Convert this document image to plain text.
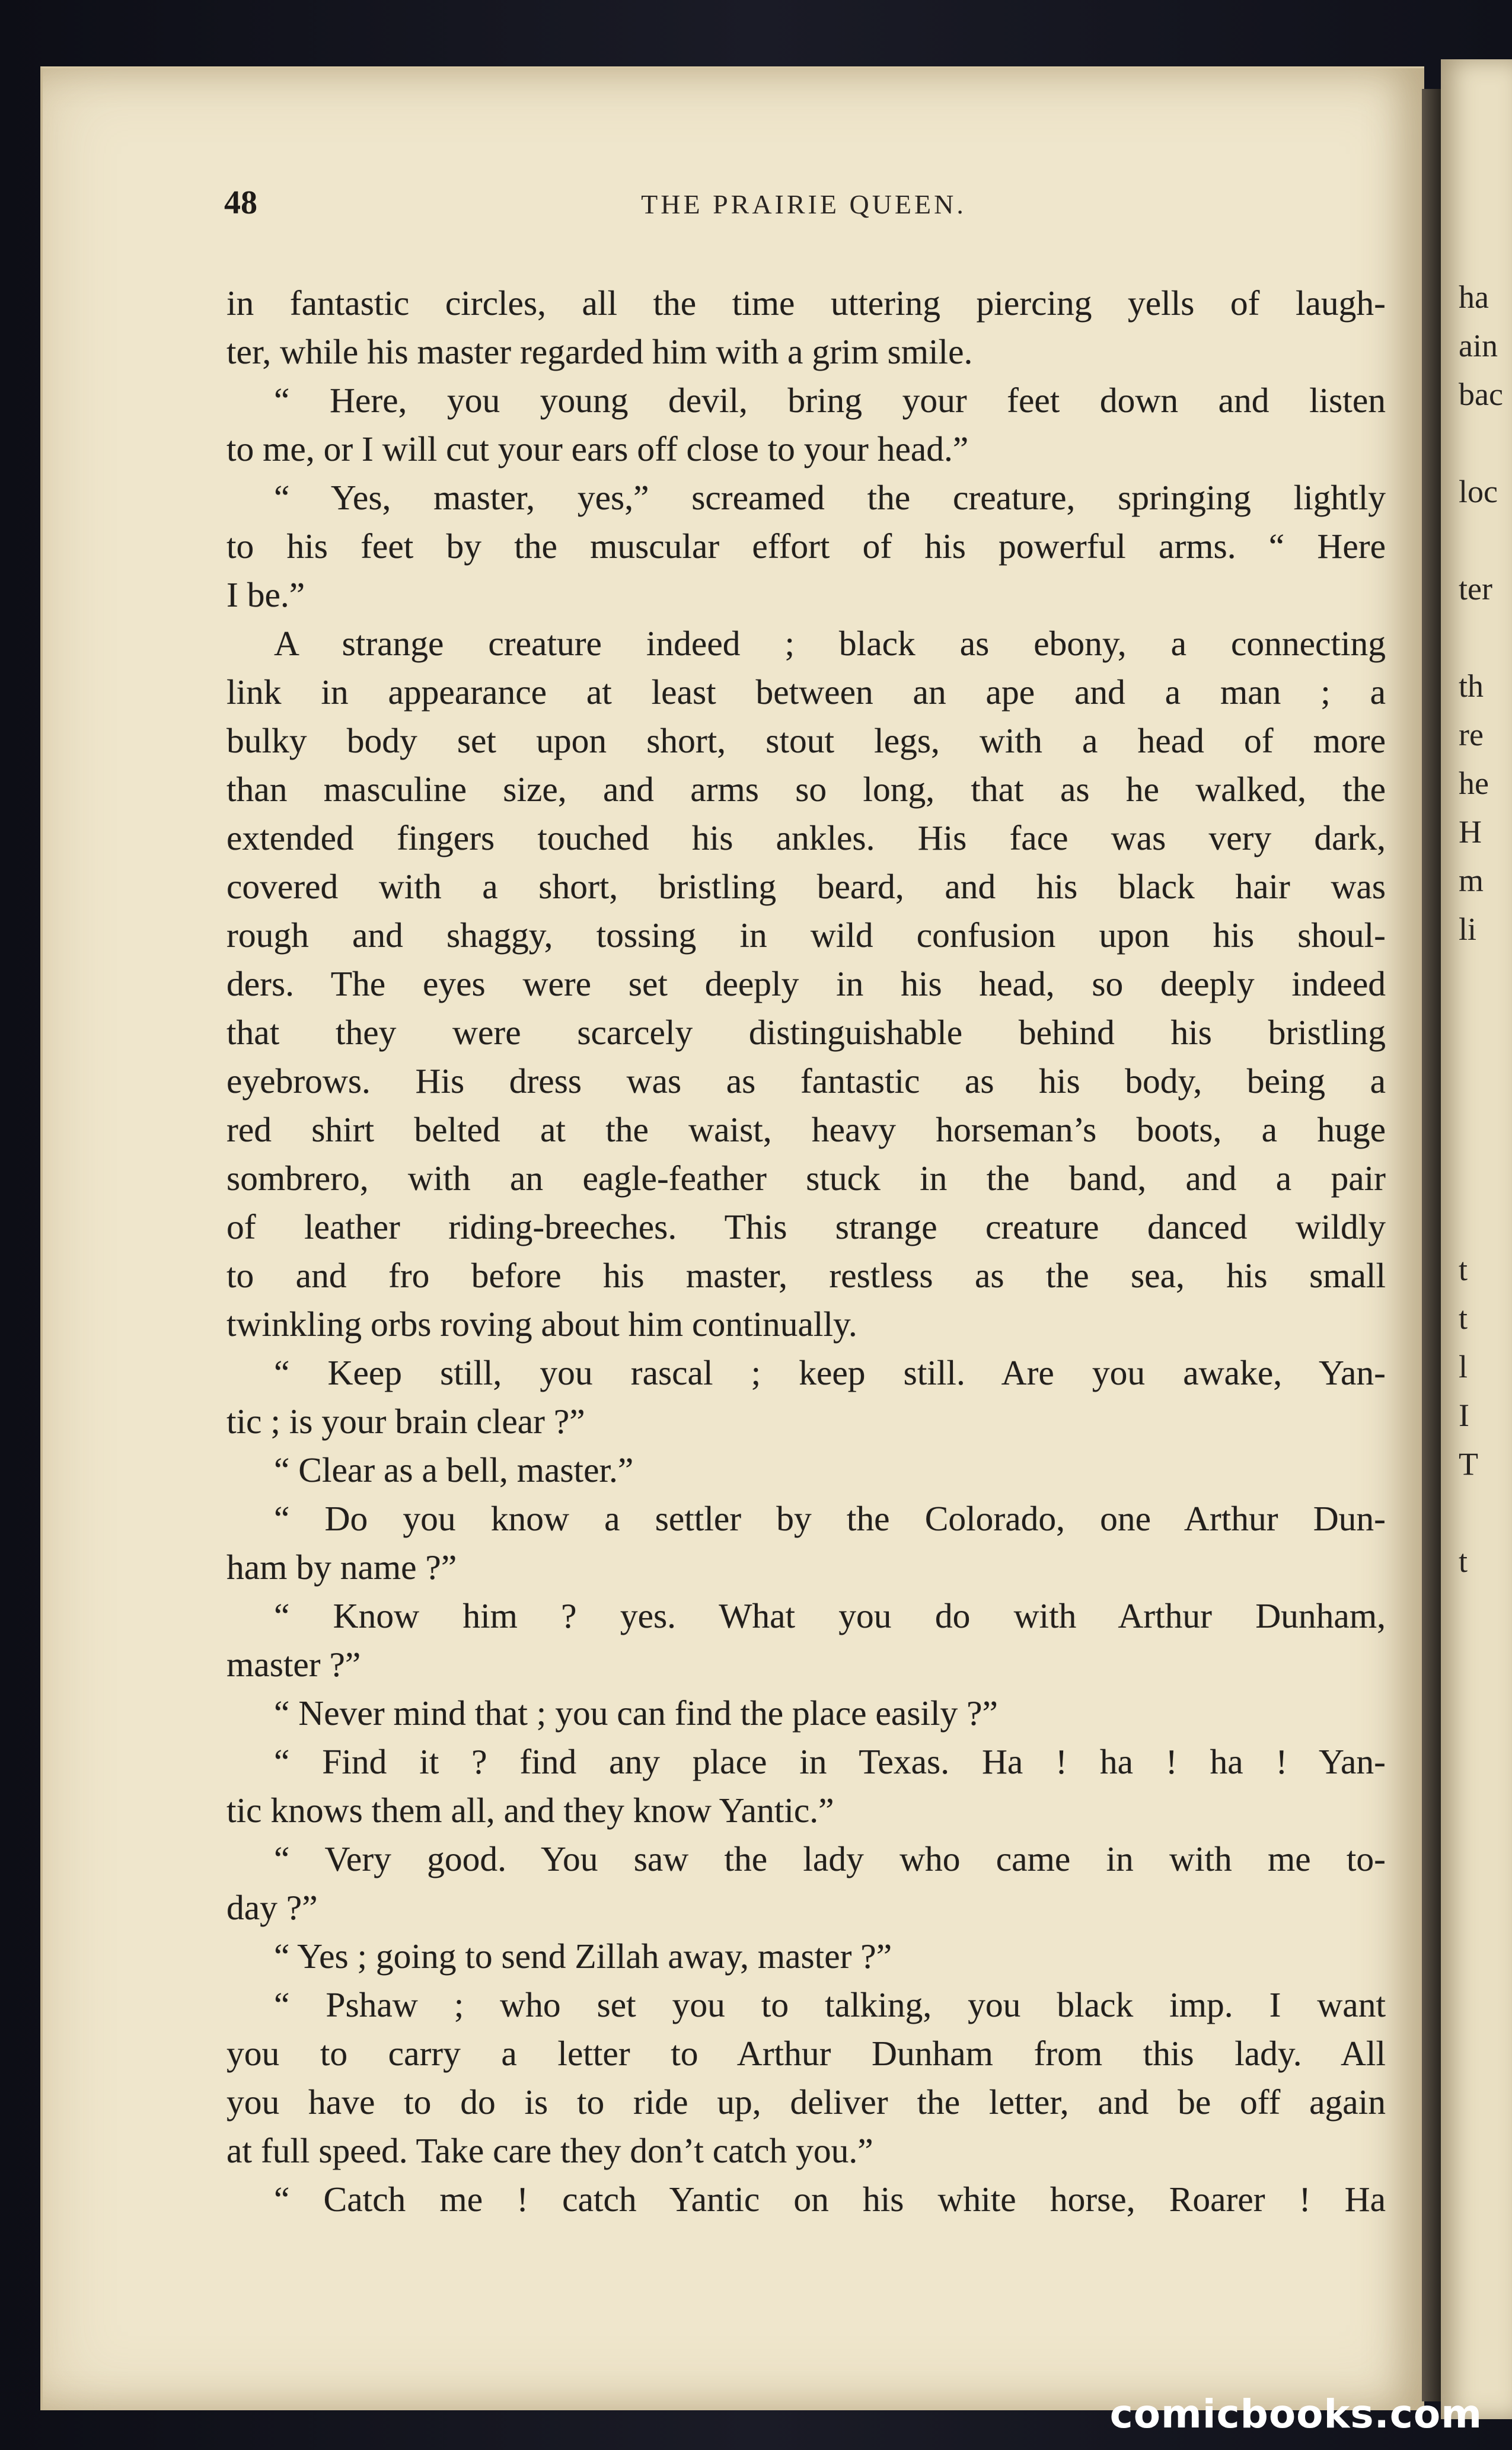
ha
ain
bac
loc
ter
th
re
he
H
m
li
t
t
l
I
T
t
48	THE PRAIRIE QUEEN.
in fantastic circles, all the time uttering piercing yells of laugh-
ter, while his master regarded him with a grim smile.
“ Here, you young devil, bring your feet down and listen
to me, or I will cut your ears off close to your head.”
“ Yes, master, yes,” screamed the creature, springing lightly
to his feet by the muscular effort of his powerful arms. “ Here
I be.”
A strange creature indeed ; black as ebony, a connecting
link in appearance at least between an ape and a man ; a
bulky body set upon short, stout legs, with a head of more
than masculine size, and arms so long, that as he walked, the
extended fingers touched his ankles. His face was very dark,
covered with a short, bristling beard, and his black hair was
rough and shaggy, tossing in wild confusion upon his shoul-
ders. The eyes were set deeply in his head, so deeply indeed
that they were scarcely distinguishable behind his bristling
eyebrows. His dress was as fantastic as his body, being a
red shirt belted at the waist, heavy horseman’s boots, a huge
sombrero, with an eagle-feather stuck in the band, and a pair
of leather riding-breeches. This strange creature danced wildly
to and fro before his master, restless as the sea, his small
twinkling orbs roving about him continually.
“ Keep still, you rascal ; keep still. Are you awake, Yan-
tic ; is your brain clear ?”
“ Clear as a bell, master.”
“ Do you know a settler by the Colorado, one Arthur Dun-
ham by name ?”
“ Know him ? yes. What you do with Arthur Dunham,
master ?”
“ Never mind that ; you can find the place easily ?”
“ Find it ? find any place in Texas. Ha ! ha ! ha ! Yan-
tic knows them all, and they know Yantic.”
“ Very good. You saw the lady who came in with me to-
day ?”
“ Yes ; going to send Zillah away, master ?”
“ Pshaw ; who set you to talking, you black imp. I want
you to carry a letter to Arthur Dunham from this lady. All
you have to do is to ride up, deliver the letter, and be off again
at full speed. Take care they don’t catch you.”
“ Catch me ! catch Yantic on his white horse, Roarer ! Ha
comicbooks.com
